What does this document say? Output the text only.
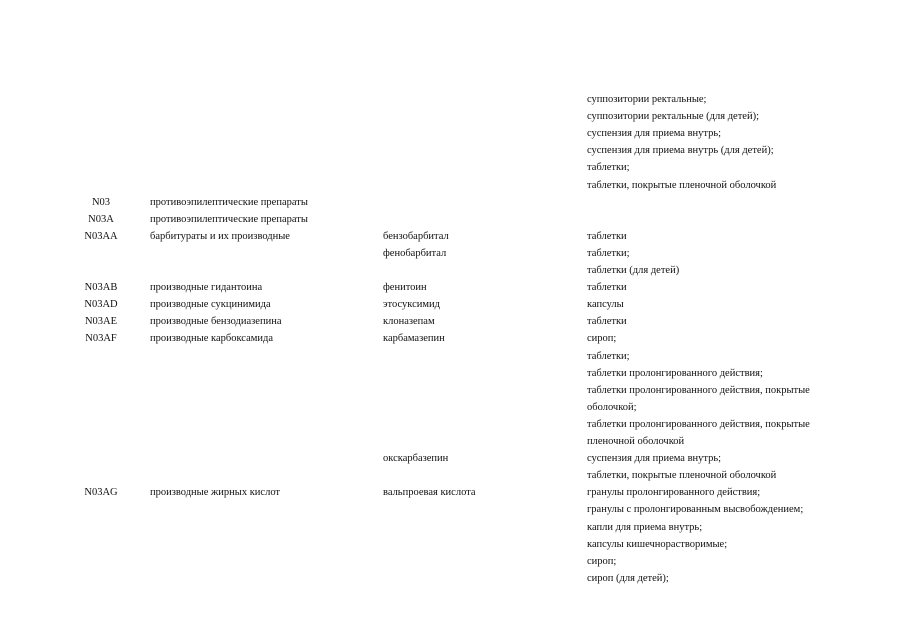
суппозитории ректальные;
суппозитории ректальные (для детей);
суспензия для приема внутрь;
суспензия для приема внутрь (для детей);
таблетки;
таблетки, покрытые пленочной оболочкой
N03	противоэпилептические препараты
N03A	противоэпилептические препараты
N03AA	барбитураты и их производные	бензобарбитал	таблетки
фенобарбитал	таблетки;
таблетки (для детей)
N03AB	производные гидантоина	фенитоин	таблетки
N03AD	производные сукцинимида	этосуксимид	капсулы
N03AE	производные бензодиазепина	клоназепам	таблетки
N03AF	производные карбоксамида	карбамазепин	сироп;
таблетки;
таблетки пролонгированного действия;
таблетки пролонгированного действия, покрытые
оболочкой;
таблетки пролонгированного действия, покрытые
пленочной оболочкой
окскарбазепин	суспензия для приема внутрь;
таблетки, покрытые пленочной оболочкой
N03AG	производные жирных кислот	вальпроевая кислота	гранулы пролонгированного действия;
гранулы с пролонгированным высвобождением;
капли для приема внутрь;
капсулы кишечнорастворимые;
сироп;
сироп (для детей);
